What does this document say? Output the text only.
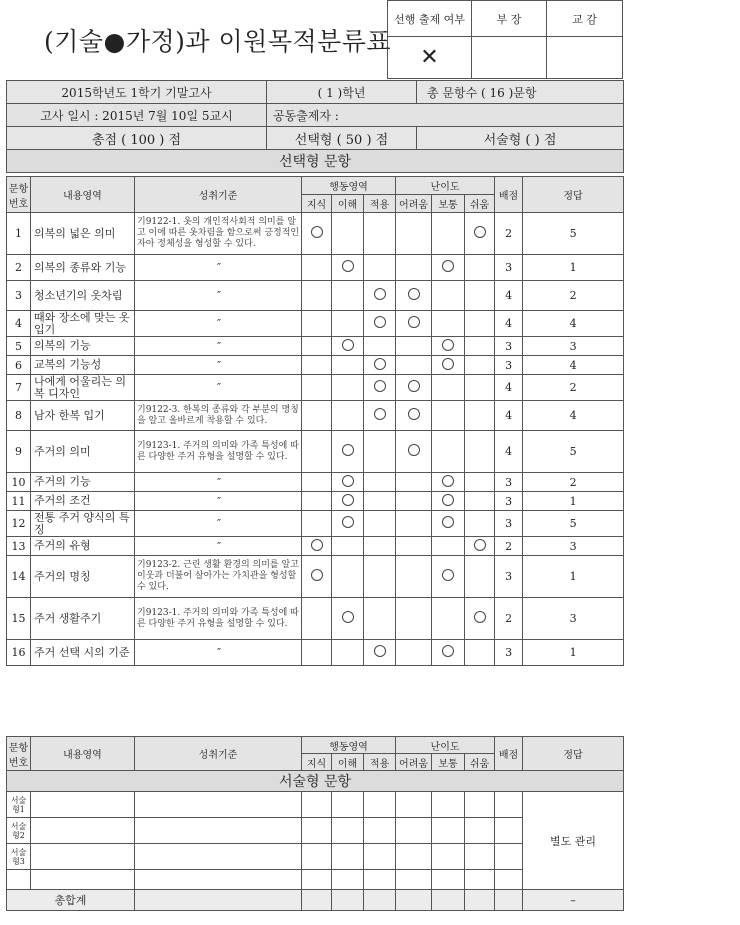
(기술●가정)과 이원목적분류표
선행 출제 여부	부 장	교 감
✕		
2015학년도 1학기 기말고사	( 1 )학년	총 문항수 ( 16 )문항
고사 일시 : 2015년 7월 10일 5교시	공동출제자 :	
총점 ( 100 ) 점	선택형 ( 50 ) 점	서술형 ( ) 점
선택형 문항		
문항 번호	내용영역	성취기준	행동영역			난이도			배점	정답
			지식	이해	적용	어려움	보통	쉬움		
1	의복의 넓은 의미	기9122-1. 옷의 개인적사회적 의미를 알고 이에 따른 옷차림을 함으로써 긍정적인 자아 정체성을 형성할 수 있다.							2	5
2	의복의 종류와 기능	″							3	1
3	청소년기의 옷차림	″							4	2
4	때와 장소에 맞는 옷 입기	″							4	4
5	의복의 기능	″							3	3
6	교복의 기능성	″							3	4
7	나에게 어울리는 의복 디자인	″							4	2
8	남자 한복 입기	기9122-3. 한복의 종류와 각 부분의 명칭을 알고 올바르게 착용할 수 있다.							4	4
9	주거의 의미	기9123-1. 주거의 의미와 가족 특성에 따른 다양한 주거 유형을 설명할 수 있다.							4	5
10	주거의 기능	″							3	2
11	주거의 조건	″							3	1
12	전통 주거 양식의 특징	″							3	5
13	주거의 유형	″							2	3
14	주거의 명칭	기9123-2. 근린 생활 환경의 의미를 알고 이웃과 더불어 살아가는 가치관을 형성할 수 있다.							3	1
15	주거 생활주기	기9123-1. 주거의 의미와 가족 특성에 따른 다양한 주거 유형을 설명할 수 있다.							2	3
16	주거 선택 시의 기준	″							3	1
서술형 문항										
문항 번호	내용영역	성취기준	행동영역			난이도			배점	정답
			지식	이해	적용	어려움	보통	쉬움		
서술형1										별도 관리
서술형2										
서술형3										

총합계										–
